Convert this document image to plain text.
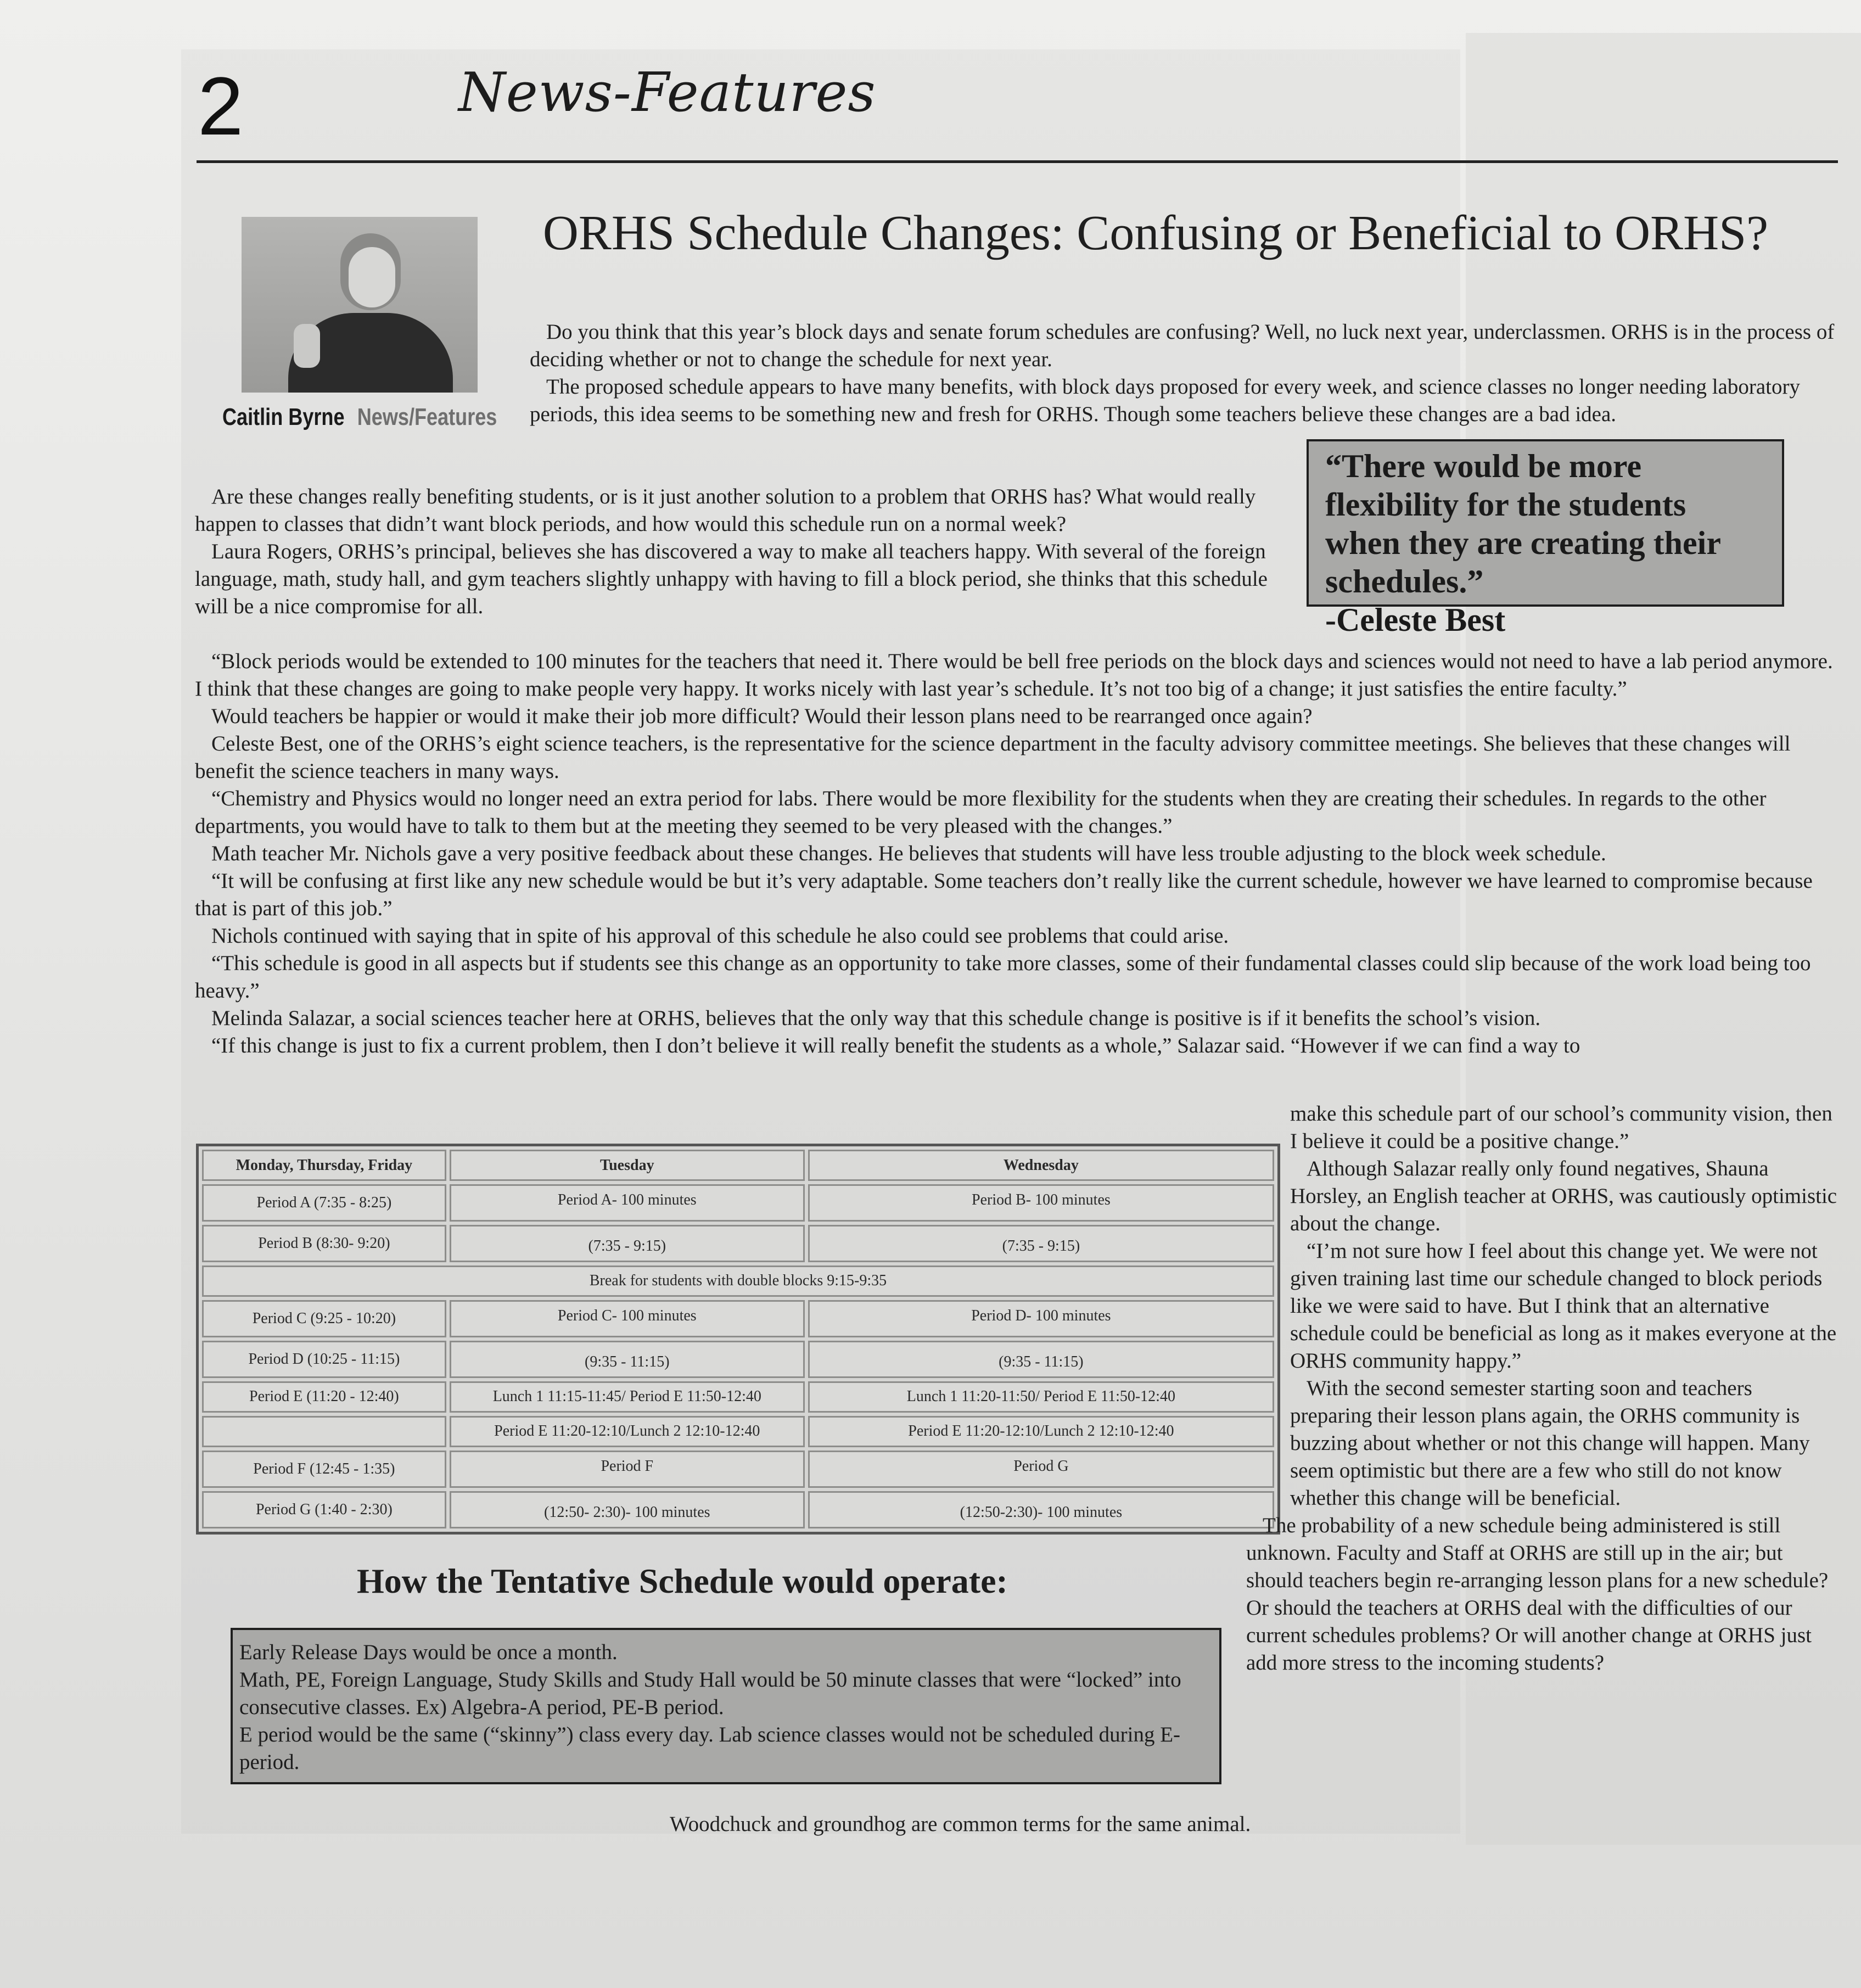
2	News-Features
ORHS Schedule Changes: Confusing or Beneficial to ORHS?
Caitlin Byrne News/Features
“There would be more flexibility for the students when they are creating their schedules.”
-Celeste Best

Do you think that this year’s block days and senate forum schedules are confusing? Well, no luck next year, underclassmen. ORHS is in the process of deciding whether or not to change the schedule for next year.

The proposed schedule appears to have many benefits, with block days proposed for every week, and science classes no longer needing laboratory periods, this idea seems to be something new and fresh for ORHS. Though some teachers believe these changes are a bad idea.

Are these changes really benefiting students, or is it just another solution to a problem that ORHS has? What would really happen to classes that didn’t want block periods, and how would this schedule run on a normal week?

Laura Rogers, ORHS’s principal, believes she has discovered a way to make all teachers happy. With several of the foreign language, math, study hall, and gym teachers slightly unhappy with having to fill a block period, she thinks that this schedule will be a nice compromise for all.

“Block periods would be extended to 100 minutes for the teachers that need it. There would be bell free periods on the block days and sciences would not need to have a lab period anymore. I think that these changes are going to make people very happy. It works nicely with last year’s schedule. It’s not too big of a change; it just satisfies the entire faculty.”

Would teachers be happier or would it make their job more difficult? Would their lesson plans need to be rearranged once again?

Celeste Best, one of the ORHS’s eight science teachers, is the representative for the science department in the faculty advisory committee meetings. She believes that these changes will benefit the science teachers in many ways.

“Chemistry and Physics would no longer need an extra period for labs. There would be more flexibility for the students when they are creating their schedules. In regards to the other departments, you would have to talk to them but at the meeting they seemed to be very pleased with the changes.”

Math teacher Mr. Nichols gave a very positive feedback about these changes. He believes that students will have less trouble adjusting to the block week schedule.

“It will be confusing at first like any new schedule would be but it’s very adaptable. Some teachers don’t really like the current schedule, however we have learned to compromise because that is part of this job.”

Nichols continued with saying that in spite of his approval of this schedule he also could see problems that could arise.

“This schedule is good in all aspects but if students see this change as an opportunity to take more classes, some of their fundamental classes could slip because of the work load being too heavy.”

Melinda Salazar, a social sciences teacher here at ORHS, believes that the only way that this schedule change is positive is if it benefits the school’s vision.

“If this change is just to fix a current problem, then I don’t believe it will really benefit the students as a whole,” Salazar said. “However if we can find a way to

Monday, Thursday, Friday	Tuesday	Wednesday
Period A (7:35 - 8:25)	Period A- 100 minutes	Period B- 100 minutes
Period B (8:30- 9:20)	(7:35 - 9:15)	(7:35 - 9:15)
Break for students with double blocks 9:15-9:35		
Period C (9:25 - 10:20)	Period C- 100 minutes	Period D- 100 minutes
Period D (10:25 - 11:15)	(9:35 - 11:15)	(9:35 - 11:15)
Period E (11:20 - 12:40)	Lunch 1 11:15-11:45/ Period E 11:50-12:40	Lunch 1 11:20-11:50/ Period E 11:50-12:40
	Period E 11:20-12:10/Lunch 2 12:10-12:40	Period E 11:20-12:10/Lunch 2 12:10-12:40
Period F (12:45 - 1:35)	Period F	Period G
Period G (1:40 - 2:30)	(12:50- 2:30)- 100 minutes	(12:50-2:30)- 100 minutes

make this schedule part of our school’s community vision, then I believe it could be a positive change.”

Although Salazar really only found negatives, Shauna Horsley, an English teacher at ORHS, was cautiously optimistic about the change.

“I’m not sure how I feel about this change yet. We were not given training last time our schedule changed to block periods like we were said to have. But I think that an alternative schedule could be beneficial as long as it makes everyone at the ORHS community happy.”

With the second semester starting soon and teachers preparing their lesson plans again, the ORHS community is buzzing about whether or not this change will happen. Many seem optimistic but there are a few who still do not know whether this change will be beneficial.

The probability of a new schedule being administered is still unknown. Faculty and Staff at ORHS are still up in the air; but should teachers begin re-arranging lesson plans for a new schedule? Or should the teachers at ORHS deal with the difficulties of our current schedules problems? Or will another change at ORHS just add more stress to the incoming students?

How the Tentative Schedule would operate:

Early Release Days would be once a month.

Math, PE, Foreign Language, Study Skills and Study Hall would be 50 minute classes that were “locked” into consecutive classes. Ex) Algebra-A period, PE-B period.

E period would be the same (“skinny”) class every day. Lab science classes would not be scheduled during E-period.

Woodchuck and groundhog are common terms for the same animal.
